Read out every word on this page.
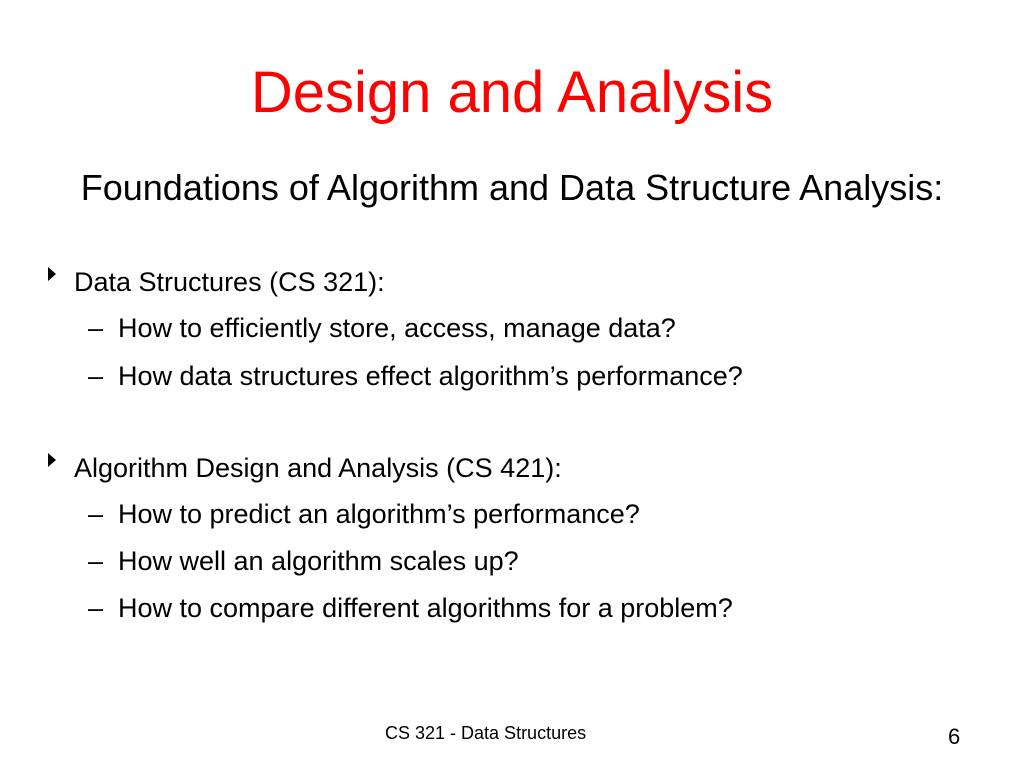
Design and Analysis
Foundations of Algorithm and Data Structure Analysis:
Data Structures (CS 321):
– How to efficiently store, access, manage data?
– How data structures effect algorithm’s performance?
Algorithm Design and Analysis (CS 421):
– How to predict an algorithm’s performance?
– How well an algorithm scales up?
– How to compare different algorithms for a problem?
CS 321 - Data Structures	6
